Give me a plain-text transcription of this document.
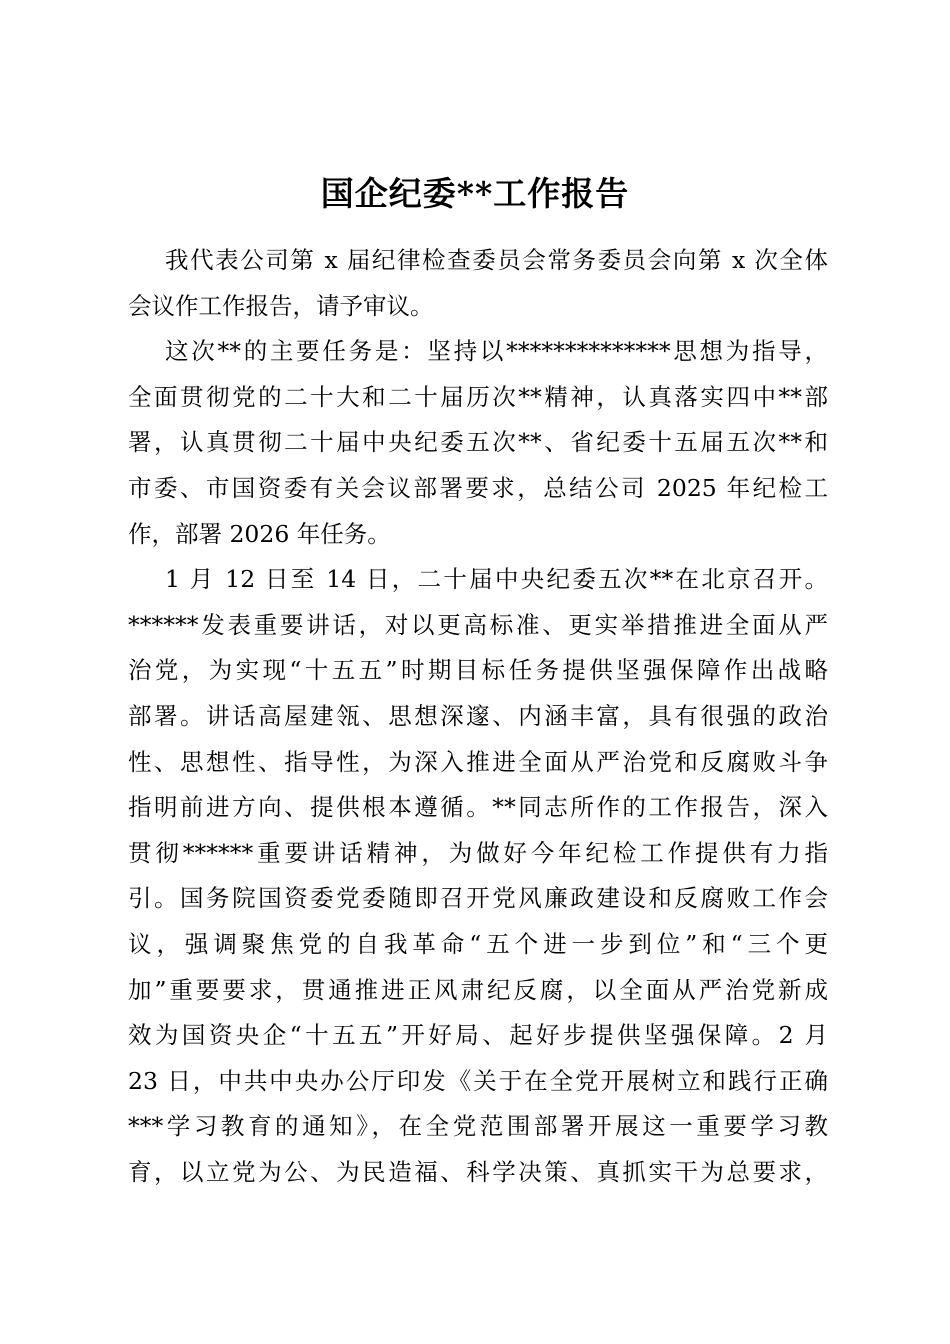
国企纪委**工作报告
我代表公司第 x 届纪律检查委员会常务委员会向第 x 次全体
会议作工作报告，请予审议。
这次**的主要任务是：坚持以**************思想为指导，
全面贯彻党的二十大和二十届历次**精神，认真落实四中**部
署，认真贯彻二十届中央纪委五次**、省纪委十五届五次**和
市委、市国资委有关会议部署要求，总结公司 2025 年纪检工
作，部署 2026 年任务。
1 月 12 日至 14 日，二十届中央纪委五次**在北京召开。
******发表重要讲话，对以更高标准、更实举措推进全面从严
治党，为实现“十五五”时期目标任务提供坚强保障作出战略
部署。讲话高屋建瓴、思想深邃、内涵丰富，具有很强的政治
性、思想性、指导性，为深入推进全面从严治党和反腐败斗争
指明前进方向、提供根本遵循。**同志所作的工作报告，深入
贯彻******重要讲话精神，为做好今年纪检工作提供有力指
引。国务院国资委党委随即召开党风廉政建设和反腐败工作会
议，强调聚焦党的自我革命“五个进一步到位”和“三个更
加”重要要求，贯通推进正风肃纪反腐，以全面从严治党新成
效为国资央企“十五五”开好局、起好步提供坚强保障。2 月
23 日，中共中央办公厅印发《关于在全党开展树立和践行正确
***学习教育的通知》，在全党范围部署开展这一重要学习教
育，以立党为公、为民造福、科学决策、真抓实干为总要求，
